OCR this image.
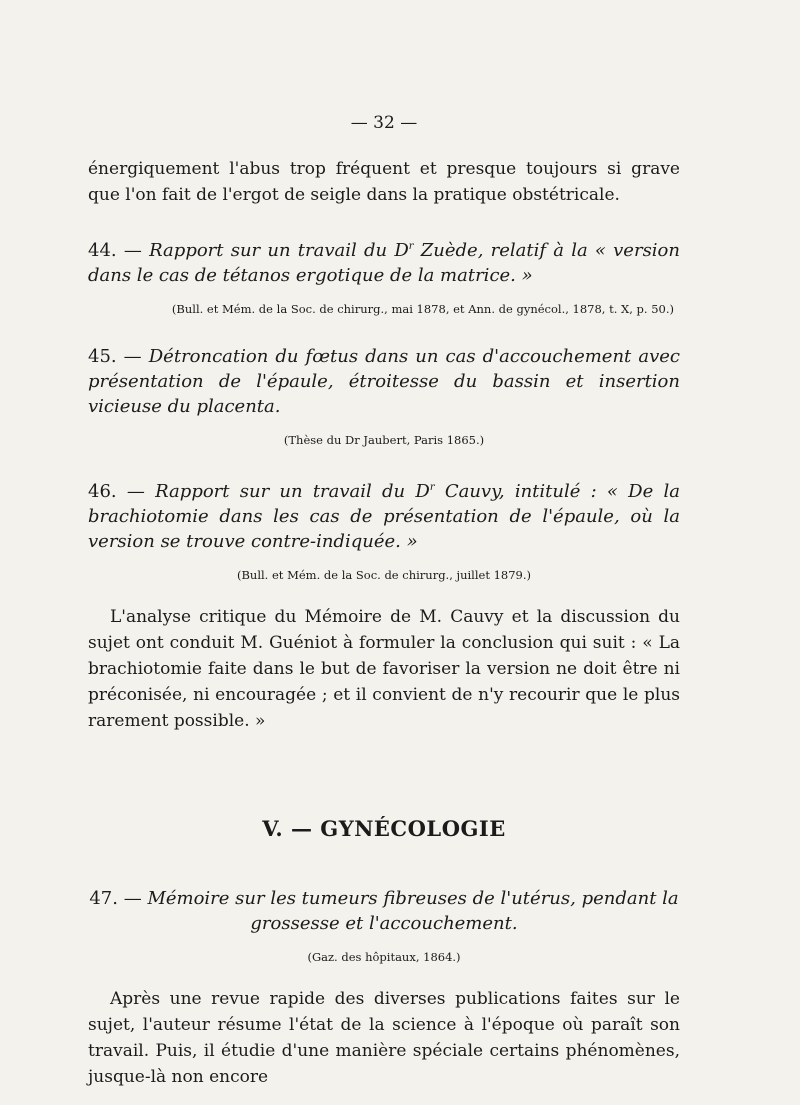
— 32 —

énergiquement l'abus trop fréquent et presque toujours si grave que l'on fait de l'ergot de seigle dans la pratique obstétricale.

44. — Rapport sur un travail du $D^r$ Zuède, relatif à la « version dans le cas de tétanos ergotique de la matrice. »
(Bull. et Mém. de la Soc. de chirurg., mai 1878, et Ann. de gynécol., 1878, t. X, p. 50.)
45. — Détroncation du fœtus dans un cas d'accouchement avec présentation de l'épaule, étroitesse du bassin et insertion vicieuse du placenta.
(Thèse du Dr Jaubert, Paris 1865.)
46. — Rapport sur un travail du $D^r$ Cauvy, intitulé : « De la brachiotomie dans les cas de présentation de l'épaule, où la version se trouve contre-indiquée. »
(Bull. et Mém. de la Soc. de chirurg., juillet 1879.)

L'analyse critique du Mémoire de M. Cauvy et la discussion du sujet ont conduit M. Guéniot à formuler la conclusion qui suit : « La brachiotomie faite dans le but de favoriser la version ne doit être ni préconisée, ni encouragée ; et il convient de n'y recourir que le plus rarement possible. »

V. — GYNÉCOLOGIE
47. — Mémoire sur les tumeurs fibreuses de l'utérus, pendant la grossesse et l'accouchement.
(Gaz. des hôpitaux, 1864.)

Après une revue rapide des diverses publications faites sur le sujet, l'auteur résume l'état de la science à l'époque où paraît son travail. Puis, il étudie d'une manière spéciale certains phénomènes, jusque-là non encore
